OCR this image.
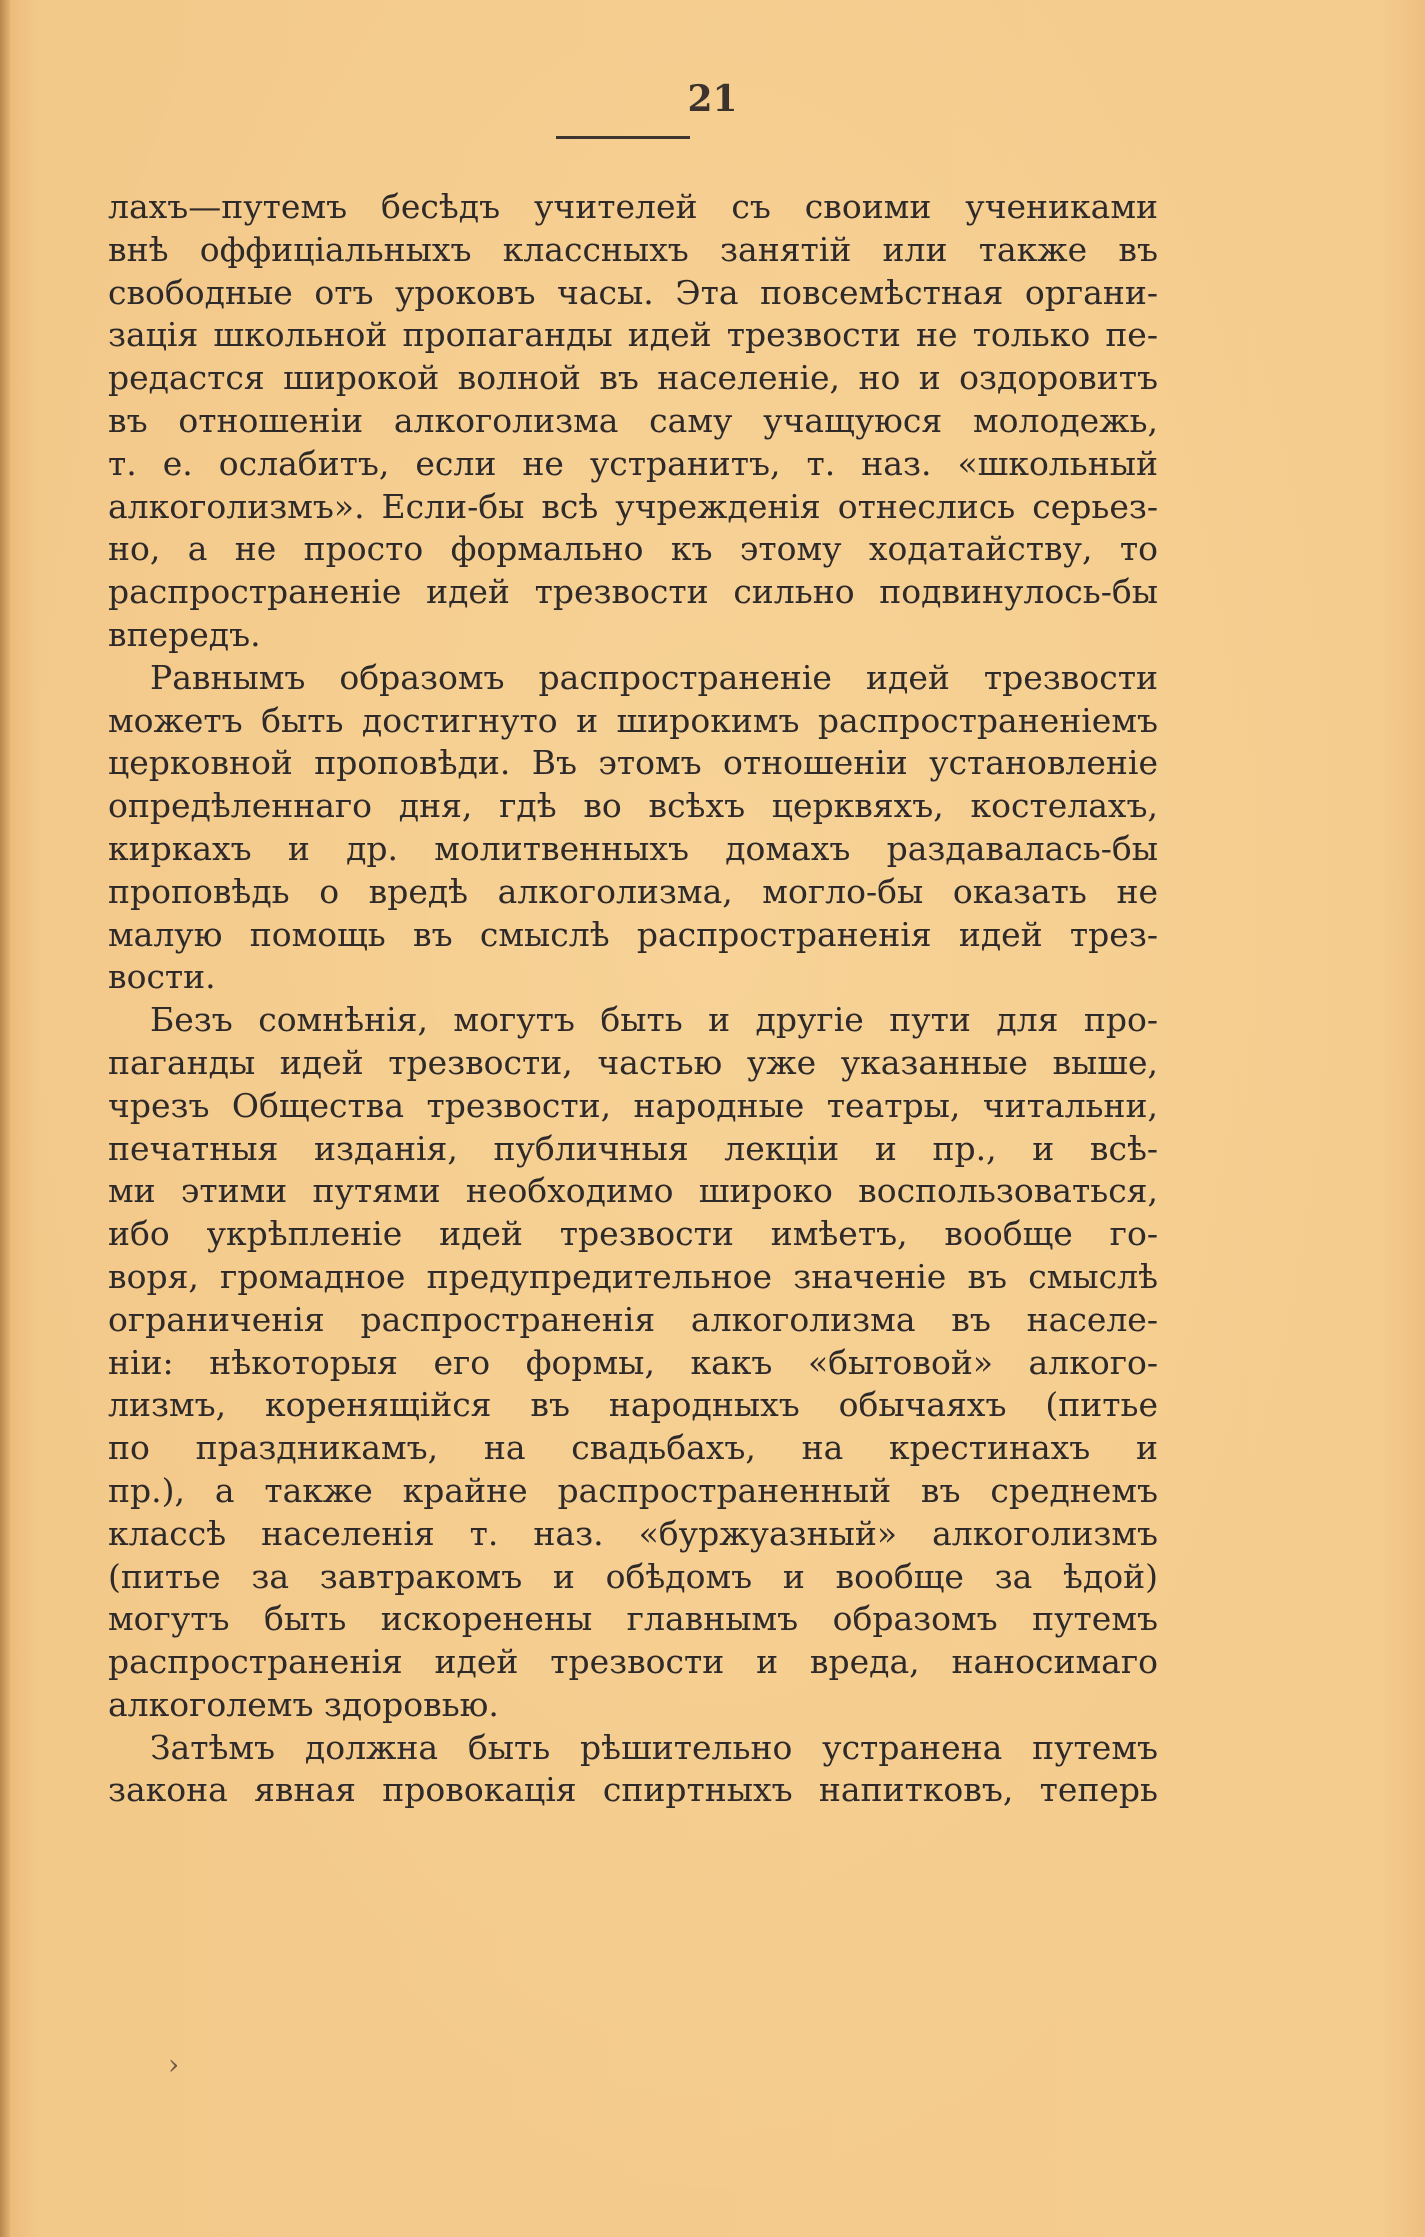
21
лахъ—путемъ бесѣдъ учителей съ своими учениками
внѣ оффиціальныхъ классныхъ занятій или также въ
свободные отъ уроковъ часы. Эта повсемѣстная органи-
зація школьной пропаганды идей трезвости не только пе-
редастся широкой волной въ населеніе, но и оздоровитъ
въ отношеніи алкоголизма саму учащуюся молодежь,
т. е. ослабитъ, если не устранитъ, т. наз. «школьный
алкоголизмъ». Если-бы всѣ учрежденія отнеслись серьез-
но, а не просто формально къ этому ходатайству, то
распространеніе идей трезвости сильно подвинулось-бы
впередъ.
Равнымъ образомъ распространеніе идей трезвости
можетъ быть достигнуто и широкимъ распространеніемъ
церковной проповѣди. Въ этомъ отношеніи установленіе
опредѣленнаго дня, гдѣ во всѣхъ церквяхъ, костелахъ,
киркахъ и др. молитвенныхъ домахъ раздавалась-бы
проповѣдь о вредѣ алкоголизма, могло-бы оказать не
малую помощь въ смыслѣ распространенія идей трез-
вости.
Безъ сомнѣнія, могутъ быть и другіе пути для про-
паганды идей трезвости, частью уже указанные выше,
чрезъ Общества трезвости, народные театры, читальни,
печатныя изданія, публичныя лекціи и пр., и всѣ-
ми этими путями необходимо широко воспользоваться,
ибо укрѣпленіе идей трезвости имѣетъ, вообще го-
воря, громадное предупредительное значеніе въ смыслѣ
ограниченія распространенія алкоголизма въ населе-
ніи: нѣкоторыя его формы, какъ «бытовой» алкого-
лизмъ, коренящійся въ народныхъ обычаяхъ (питье
по праздникамъ, на свадьбахъ, на крестинахъ и
пр.), а также крайне распространенный въ среднемъ
классѣ населенія т. наз. «буржуазный» алкоголизмъ
(питье за завтракомъ и обѣдомъ и вообще за ѣдой)
могутъ быть искоренены главнымъ образомъ путемъ
распространенія идей трезвости и вреда, наносимаго
алкоголемъ здоровью.
Затѣмъ должна быть рѣшительно устранена путемъ
закона явная провокація спиртныхъ напитковъ, теперь
›
